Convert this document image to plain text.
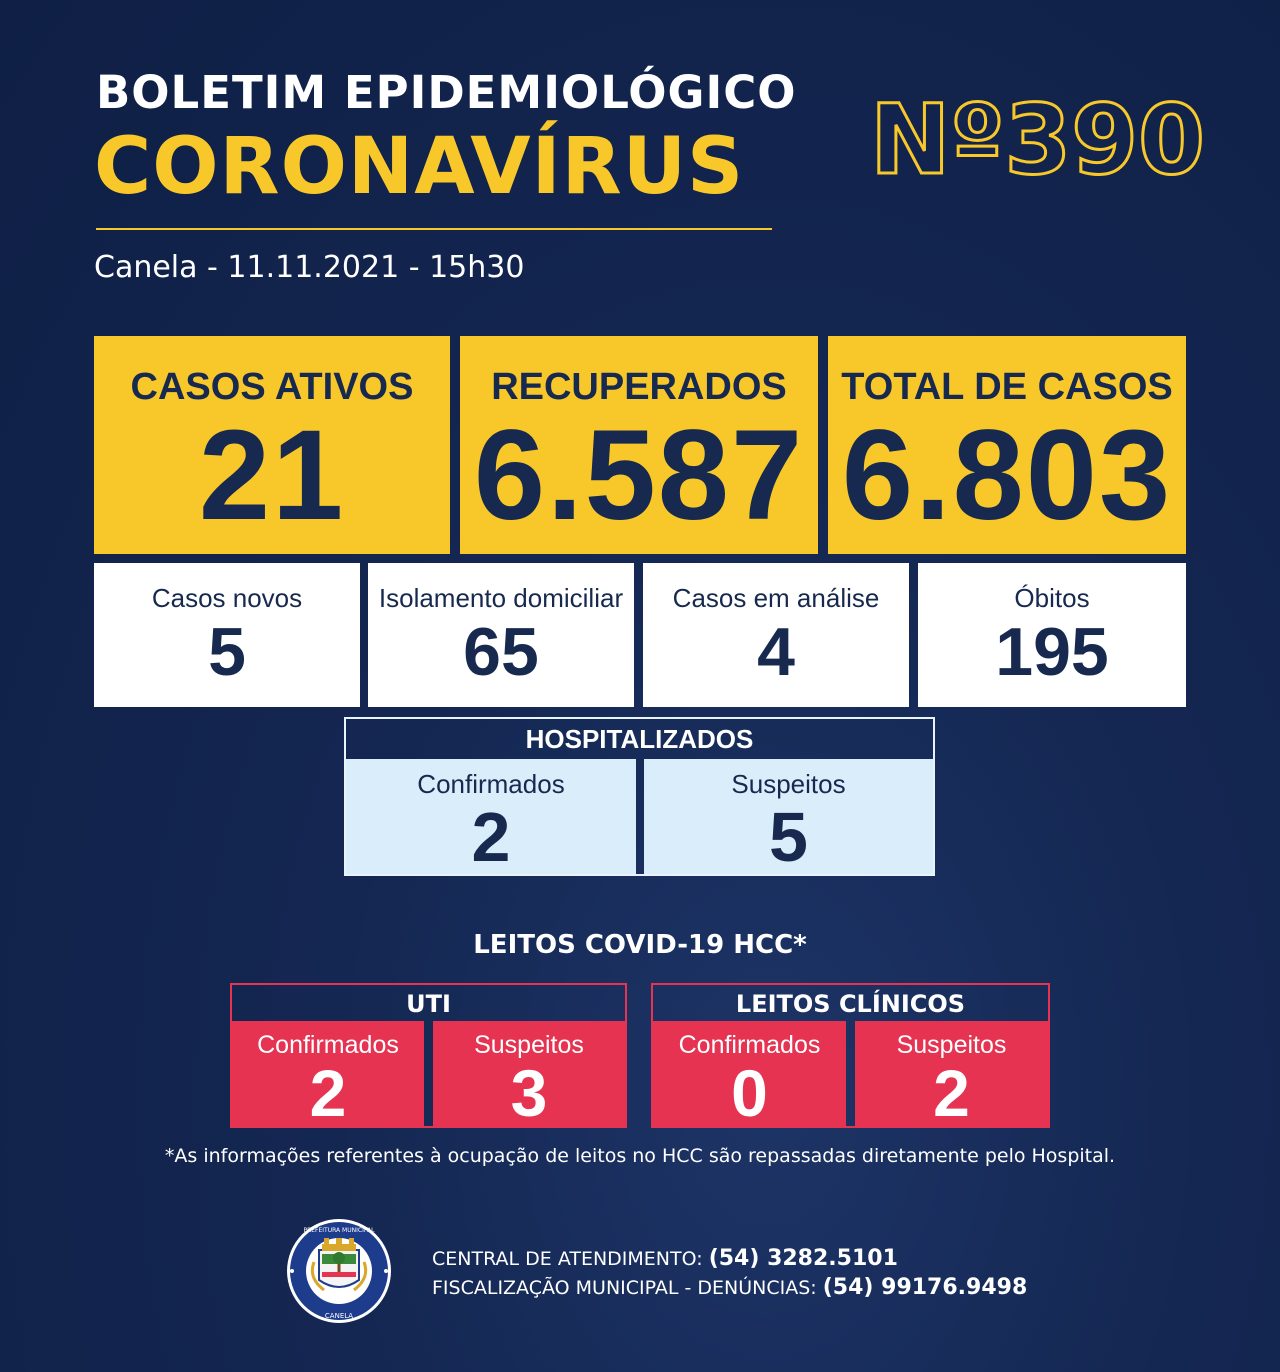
BOLETIM EPIDEMIOLÓGICO
CORONAVÍRUS
Canela - 11.11.2021 - 15h30
Nº390
CASOS ATIVOS
21
RECUPERADOS
6.587
TOTAL DE CASOS
6.803
Casos novos
5
Isolamento domiciliar
65
Casos em análise
4
Óbitos
195
HOSPITALIZADOS
Confirmados
2
Suspeitos
5
LEITOS COVID-19 HCC*
UTI
Confirmados
2
Suspeitos
3
LEITOS CLÍNICOS
Confirmados
0
Suspeitos
2
*As informações referentes à ocupação de leitos no HCC são repassadas diretamente pelo Hospital.
CANELA
PREFEITURA MUNICIPAL
CENTRAL DE ATENDIMENTO: (54) 3282.5101
FISCALIZAÇÃO MUNICIPAL - DENÚNCIAS: (54) 99176.9498
